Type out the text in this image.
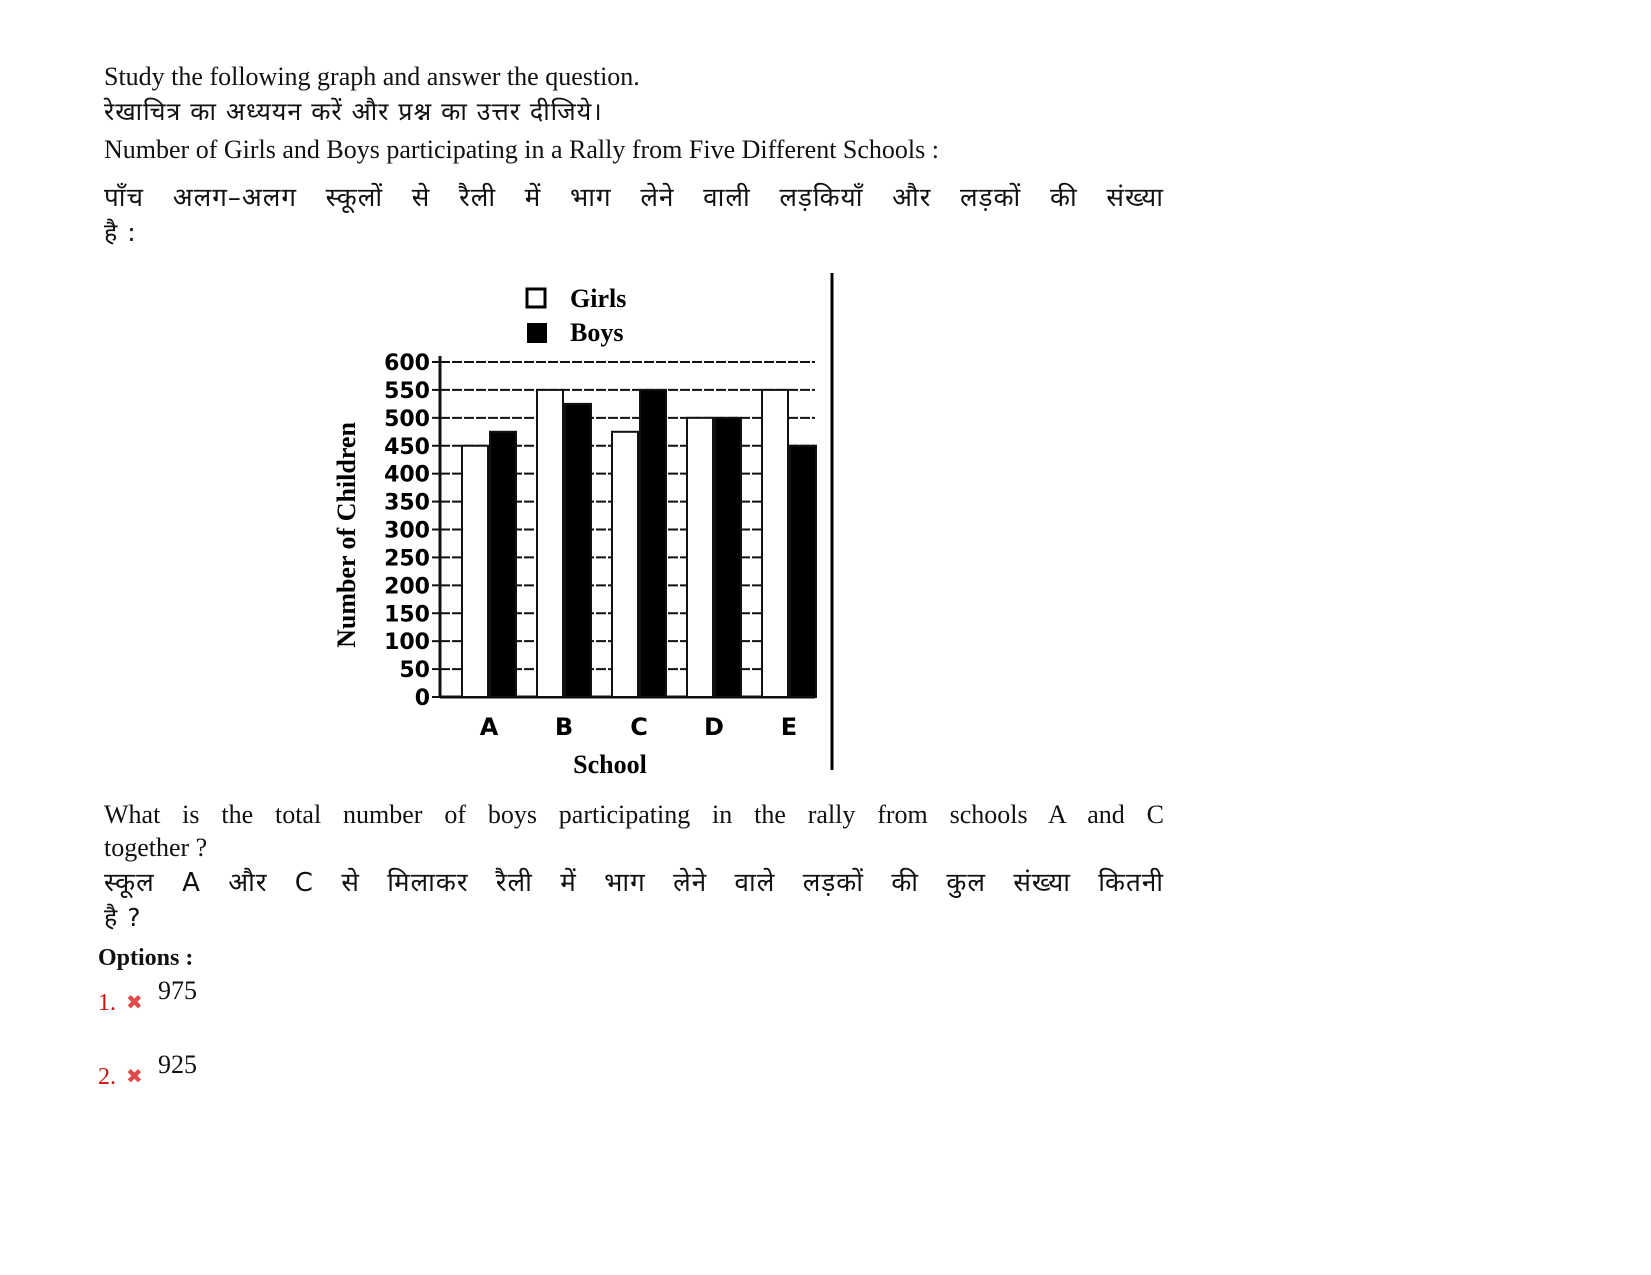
Study the following graph and answer the question.
रेखाचित्र का अध्ययन करें और प्रश्न का उत्तर दीजिये।
Number of Girls and Boys participating in a Rally from Five Different Schools :
पाँच अलग–अलग स्कूलों से रैली में भाग लेने वाली लड़कियाँ और लड़कों की संख्या
है :
Girls
Boys
0
50
100
150
200
250
300
350
400
450
500
550
600
A B C D E
Number of Children
School
What is the total number of boys participating in the rally from schools A and C
together ?
स्कूल A और C से मिलाकर रैली में भाग लेने वाले लड़कों की कुल संख्या कितनी
है ?
Options :
1. ✖ 975
2. ✖ 925
